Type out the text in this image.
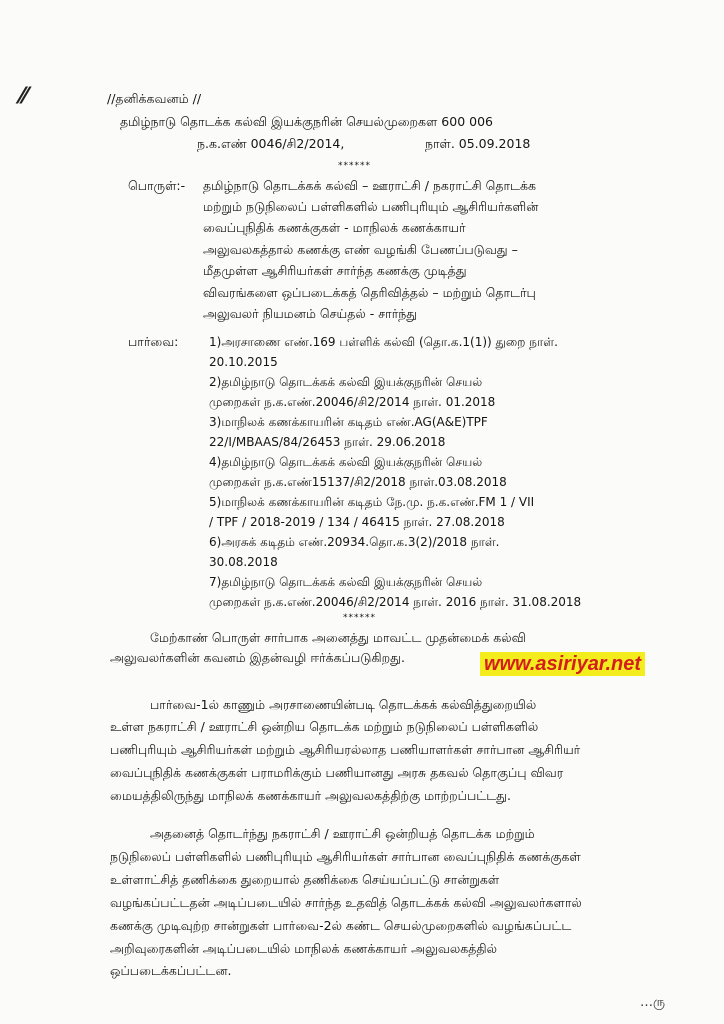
⁄⁄	//தனிக்கவனம் //
தமிழ்நாடு தொடக்க கல்வி இயக்குநரின் செயல்முறைகள 600 006
ந.க.எண் 0046/சி2/2014,	நாள். 05.09.2018
******
பொருள்:- தமிழ்நாடு தொடக்கக் கல்வி – ஊராட்சி / நகராட்சி தொடக்க
மற்றும் நடுநிலைப் பள்ளிகளில் பணிபுரியும் ஆசிரியர்களின்
வைப்புநிதிக் கணக்குகள் - மாநிலக் கணக்காயர்
அலுவலகத்தால் கணக்கு எண் வழங்கி பேணப்படுவது –
மீதமுள்ள ஆசிரியர்கள் சார்ந்த கணக்கு முடித்து
விவரங்களை ஒப்படைக்கத் தெரிவித்தல் – மற்றும் தொடர்பு
அலுவலர் நியமனம் செய்தல் - சார்ந்து
பார்வை:	1)அரசாணை எண்.169 பள்ளிக் கல்வி (தொ.க.1(1)) துறை நாள்.
20.10.2015
2)தமிழ்நாடு தொடக்கக் கல்வி இயக்குநரின் செயல்
முறைகள் ந.க.எண்.20046/சி2/2014 நாள். 01.2018
3)மாநிலக் கணக்காயரின் கடிதம் எண்.AG(A&E)TPF
22/I/MBAAS/84/26453 நாள். 29.06.2018
4)தமிழ்நாடு தொடக்கக் கல்வி இயக்குநரின் செயல்
முறைகள் ந.க.எண்15137/சி2/2018 நாள்.03.08.2018
5)மாநிலக் கணக்காயரின் கடிதம் நே.மு. ந.க.எண்.FM 1 / VII
/ TPF / 2018-2019 / 134 / 46415 நாள். 27.08.2018
6)அரசுக் கடிதம் எண்.20934.தொ.க.3(2)/2018 நாள்.
30.08.2018
7)தமிழ்நாடு தொடக்கக் கல்வி இயக்குநரின் செயல்
முறைகள் ந.க.எண்.20046/சி2/2014 நாள். 2016 நாள். 31.08.2018
******
மேற்காண் பொருள் சார்பாக அனைத்து மாவட்ட முதன்மைக் கல்வி
அலுவலர்களின் கவனம் இதன்வழி ஈர்க்கப்படுகிறது.	www.asiriyar.net
பார்வை-1ல் காணும் அரசாணையின்படி தொடக்கக் கல்வித்துறையில்
உள்ள நகராட்சி / ஊராட்சி ஒன்றிய தொடக்க மற்றும் நடுநிலைப் பள்ளிகளில்
பணிபுரியும் ஆசிரியர்கள் மற்றும் ஆசிரியரல்லாத பணியாளர்கள் சார்பான ஆசிரியர்
வைப்புநிதிக் கணக்குகள் பராமரிக்கும் பணியானது அரசு தகவல் தொகுப்பு விவர
மையத்திலிருந்து மாநிலக் கணக்காயர் அலுவலகத்திற்கு மாற்றப்பட்டது.
அதனைத் தொடர்ந்து நகராட்சி / ஊராட்சி ஒன்றியத் தொடக்க மற்றும்
நடுநிலைப் பள்ளிகளில் பணிபுரியும் ஆசிரியர்கள் சார்பான வைப்புநிதிக் கணக்குகள்
உள்ளாட்சித் தணிக்கை துறையால் தணிக்கை செய்யப்பட்டு சான்றுகள்
வழங்கப்பட்டதன் அடிப்படையில் சார்ந்த உதவித் தொடக்கக் கல்வி அலுவலர்களால்
கணக்கு முடிவுற்ற சான்றுகள் பார்வை-2ல் கண்ட செயல்முறைகளில் வழங்கப்பட்ட
அறிவுரைகளின் அடிப்படையில் மாநிலக் கணக்காயர் அலுவலகத்தில்
ஒப்படைக்கப்பட்டன.
…ரு
